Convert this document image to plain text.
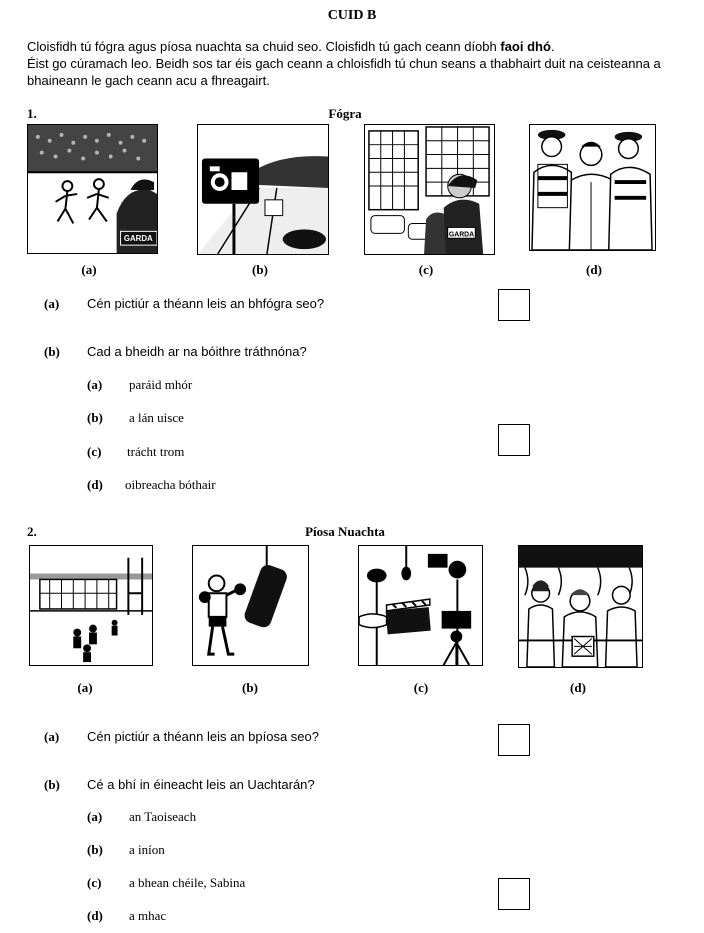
CUID B

Cloisfidh tú fógra agus píosa nuachta sa chuid seo. Cloisfidh tú gach ceann díobh faoi dhó.

Éist go cúramach leo. Beidh sos tar éis gach ceann a chloisfidh tú chun seans a thabhairt duit na ceisteanna a bhaineann le gach ceann acu a fhreagairt.

1.	Fógra
GARDA	GARDA
(a)	(b)	(c)	(d)
(a) Cén pictiúr a théann leis an bhfógra seo?
(b) Cad a bheidh ar na bóithre tráthnóna?
(a) paráid mhór
(b) a lán uisce
(c) trácht trom
(d) oibreacha bóthair
2.	Píosa Nuachta
(a)	(b)	(c)	(d)
(a) Cén pictiúr a théann leis an bpíosa seo?
(b) Cé a bhí in éineacht leis an Uachtarán?
(a) an Taoiseach
(b) a iníon
(c) a bhean chéile, Sabina
(d) a mhac
